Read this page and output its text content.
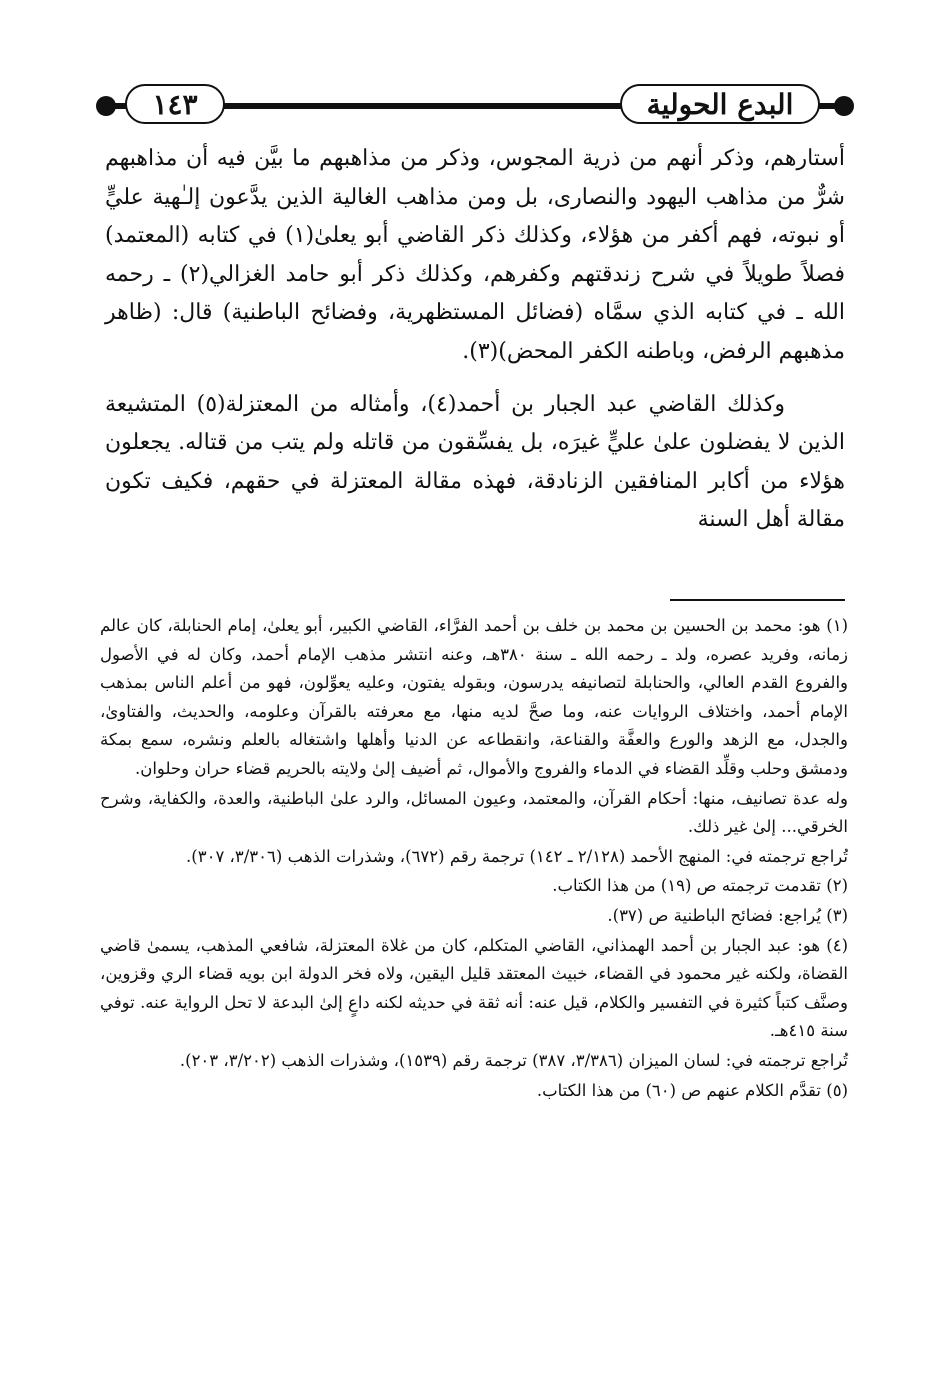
١٤٣	البدع الحولية

أستارهم، وذكر أنهم من ذرية المجوس، وذكر من مذاهبهم ما بيَّن فيه أن مذاهبهم شرٌّ من مذاهب اليهود والنصارى، بل ومن مذاهب الغالية الذين يدَّعون إلـٰهية عليٍّ أو نبوته، فهم أكفر من هؤلاء، وكذلك ذكر القاضي أبو يعلىٰ(١) في كتابه (المعتمد) فصلاً طويلاً في شرح زندقتهم وكفرهم، وكذلك ذكر أبو حامد الغزالي(٢) ـ رحمه الله ـ في كتابه الذي سمَّاه (فضائل المستظهرية، وفضائح الباطنية) قال: (ظاهر مذهبهم الرفض، وباطنه الكفر المحض)(٣).

وكذلك القاضي عبد الجبار بن أحمد(٤)، وأمثاله من المعتزلة(٥) المتشيعة الذين لا يفضلون علىٰ عليٍّ غيرَه، بل يفسِّقون من قاتله ولم يتب من قتاله. يجعلون هؤلاء من أكابر المنافقين الزنادقة، فهذه مقالة المعتزلة في حقهم، فكيف تكون مقالة أهل السنة

(١) هو: محمد بن الحسين بن محمد بن خلف بن أحمد الفرَّاء، القاضي الكبير، أبو يعلىٰ، إمام الحنابلة، كان عالم زمانه، وفريد عصره، ولد ـ رحمه الله ـ سنة ٣٨٠هـ، وعنه انتشر مذهب الإمام أحمد، وكان له في الأصول والفروع القدم العالي، والحنابلة لتصانيفه يدرسون، وبقوله يفتون، وعليه يعوِّلون، فهو من أعلم الناس بمذهب الإمام أحمد، واختلاف الروايات عنه، وما صحَّ لديه منها، مع معرفته بالقرآن وعلومه، والحديث، والفتاوىٰ، والجدل، مع الزهد والورع والعفَّة والقناعة، وانقطاعه عن الدنيا وأهلها واشتغاله بالعلم ونشره، سمع بمكة ودمشق وحلب وقلِّد القضاء في الدماء والفروج والأموال، ثم أضيف إلىٰ ولايته بالحريم قضاء حران وحلوان.

وله عدة تصانيف، منها: أحكام القرآن، والمعتمد، وعيون المسائل، والرد علىٰ الباطنية، والعدة، والكفاية، وشرح الخرقي... إلىٰ غير ذلك.

تُراجع ترجمته في: المنهج الأحمد (٢/١٢٨ ـ ١٤٢) ترجمة رقم (٦٧٢)، وشذرات الذهب (٣/٣٠٦، ٣٠٧).

(٢) تقدمت ترجمته ص (١٩) من هذا الكتاب.

(٣) يُراجع: فضائح الباطنية ص (٣٧).

(٤) هو: عبد الجبار بن أحمد الهمذاني، القاضي المتكلم، كان من غلاة المعتزلة، شافعي المذهب، يسمىٰ قاضي القضاة، ولكنه غير محمود في القضاء، خبيث المعتقد قليل اليقين، ولاه فخر الدولة ابن بويه قضاء الري وقزوين، وصنَّف كتباً كثيرة في التفسير والكلام، قيل عنه: أنه ثقة في حديثه لكنه داعٍ إلىٰ البدعة لا تحل الرواية عنه. توفي سنة ٤١٥هـ.

تُراجع ترجمته في: لسان الميزان (٣/٣٨٦، ٣٨٧) ترجمة رقم (١٥٣٩)، وشذرات الذهب (٣/٢٠٢، ٢٠٣).

(٥) تقدَّم الكلام عنهم ص (٦٠) من هذا الكتاب.
